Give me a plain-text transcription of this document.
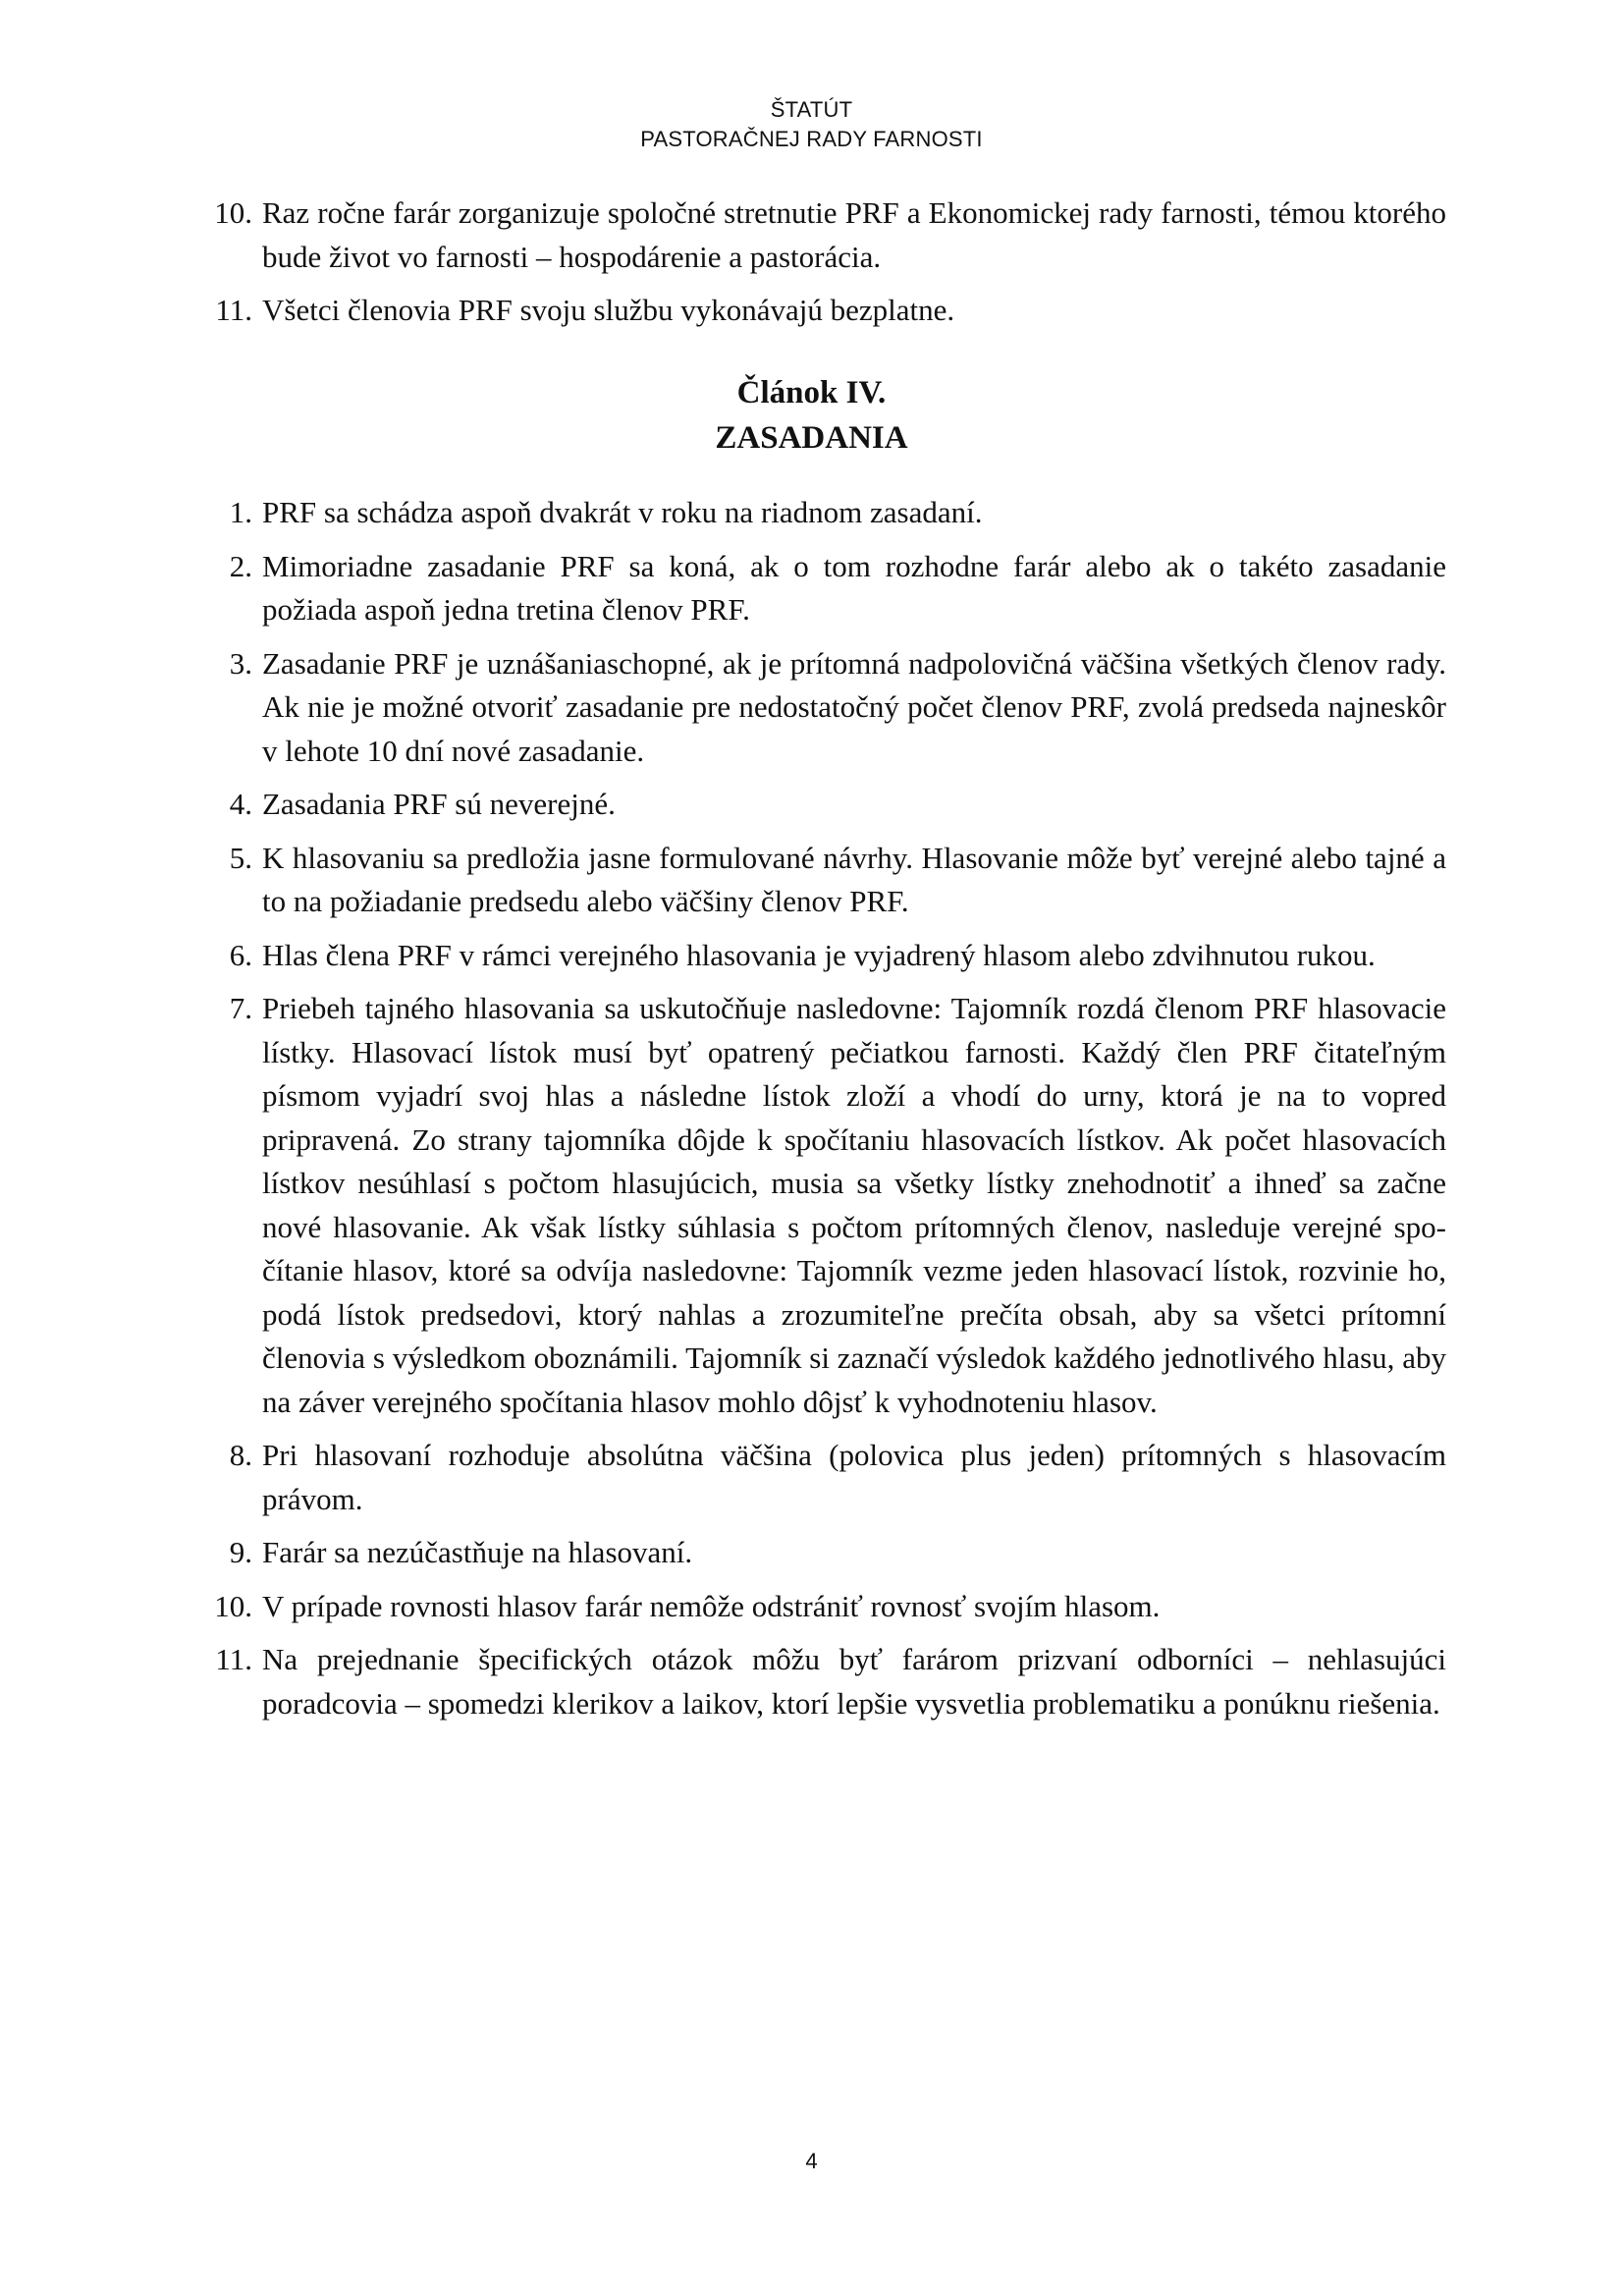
ŠTATÚT
PASTORAČNEJ RADY FARNOSTI
10. Raz ročne farár zorganizuje spoločné stretnutie PRF a Ekonomickej rady farnosti, témou ktorého bude život vo farnosti – hospodárenie a pastorácia.
11. Všetci členovia PRF svoju službu vykonávajú bezplatne.
Článok IV.
ZASADANIA
1. PRF sa schádza aspoň dvakrát v roku na riadnom zasadaní.
2. Mimoriadne zasadanie PRF sa koná, ak o tom rozhodne farár alebo ak o takéto zasadanie požiada aspoň jedna tretina členov PRF.
3. Zasadanie PRF je uznášaniaschopné, ak je prítomná nadpolovičná väčšina všetkých členov rady. Ak nie je možné otvoriť zasadanie pre nedostatočný počet členov PRF, zvolá predseda najneskôr v lehote 10 dní nové zasadanie.
4. Zasadania PRF sú neverejné.
5. K hlasovaniu sa predložia jasne formulované návrhy. Hlasovanie môže byť verejné alebo tajné a to na požiadanie predsedu alebo väčšiny členov PRF.
6. Hlas člena PRF v rámci verejného hlasovania je vyjadrený hlasom alebo zdvihnutou rukou.
7. Priebeh tajného hlasovania sa uskutočňuje nasledovne: Tajomník rozdá členom PRF hlasovacie lístky. Hlasovací lístok musí byť opatrený pečiatkou farnosti. Každý člen PRF čitateľným písmom vyjadrí svoj hlas a následne lístok zloží a vhodí do urny, ktorá je na to vopred pripravená. Zo strany tajomníka dôjde k spočítaniu hlasovacích lístkov. Ak počet hlasovacích lístkov nesúhlasí s počtom hlasujúcich, musia sa všetky lístky znehodnotiť a ihneď sa začne nové hlasovanie. Ak však lístky súhlasia s počtom prítomných členov, nasleduje verejné spočítanie hlasov, ktoré sa odvíja nasledovne: Tajomník vezme jeden hlasovací lístok, rozvinie ho, podá lístok predsedovi, ktorý nahlas a zrozumiteľne prečíta obsah, aby sa všetci prítomní členovia s výsledkom oboznámili. Tajomník si zaznačí výsledok každého jednotlivého hlasu, aby na záver verejného spočítania hlasov mohlo dôjsť k vyhodnoteniu hlasov.
8. Pri hlasovaní rozhoduje absolútna väčšina (polovica plus jeden) prítomných s hlasovacím právom.
9. Farár sa nezúčastňuje na hlasovaní.
10. V prípade rovnosti hlasov farár nemôže odstrániť rovnosť svojím hlasom.
11. Na prejednanie špecifických otázok môžu byť farárom prizvaní odborníci – nehlasujúci poradcovia – spomedzi klerikov a laikov, ktorí lepšie vysvetlia problematiku a ponúknu riešenia.
4
